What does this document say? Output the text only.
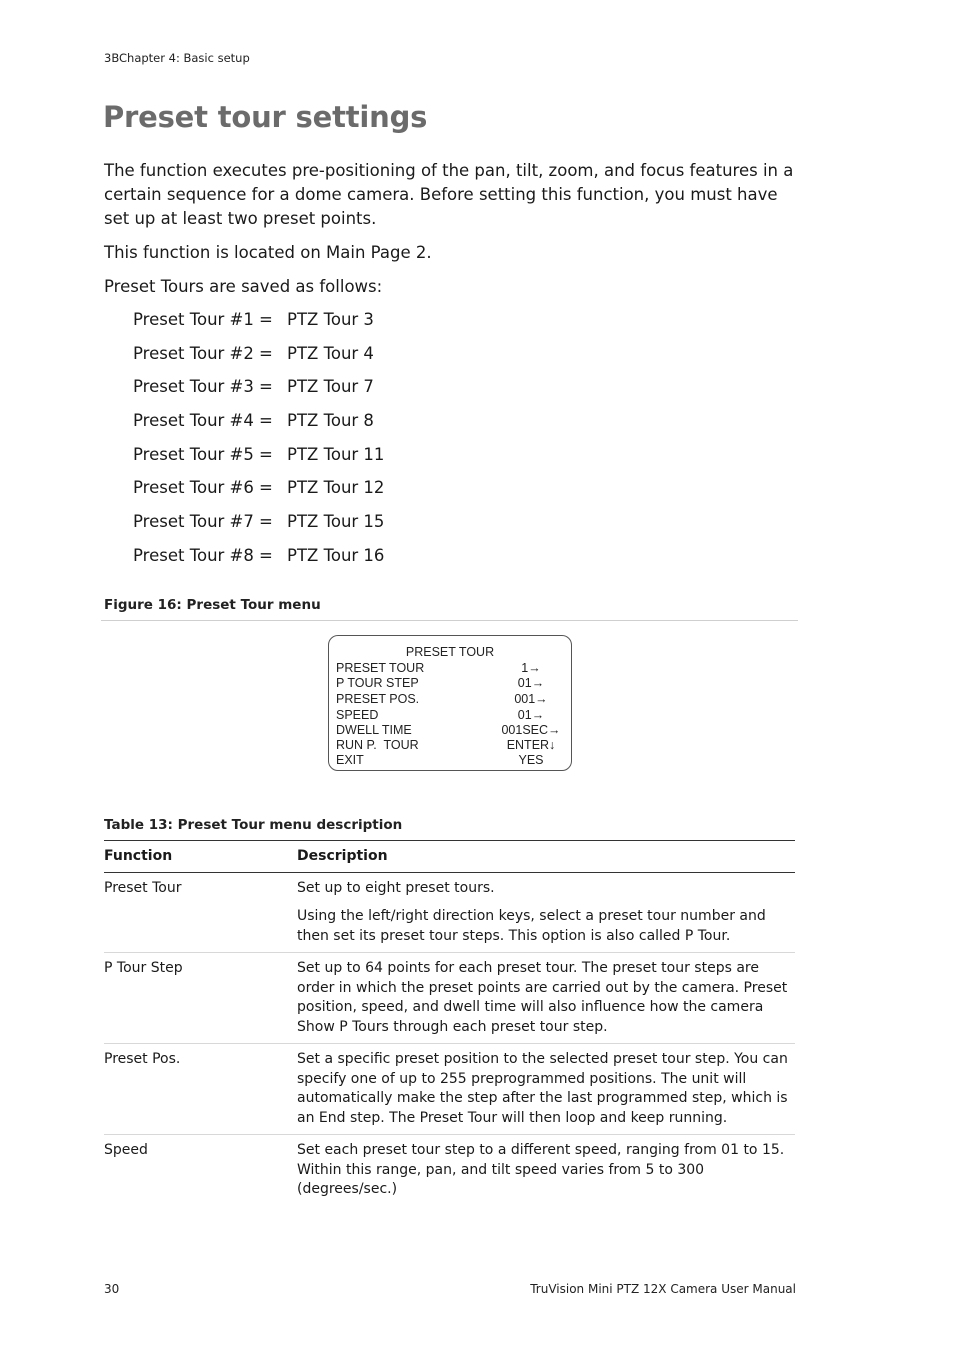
3BChapter 4: Basic setup
Preset tour settings
The function executes pre-positioning of the pan, tilt, zoom, and focus features in a certain sequence for a dome camera. Before setting this function, you must have set up at least two preset points.
This function is located on Main Page 2.
Preset Tours are saved as follows:
Preset Tour #1 = PTZ Tour 3
Preset Tour #2 = PTZ Tour 4
Preset Tour #3 = PTZ Tour 7
Preset Tour #4 = PTZ Tour 8
Preset Tour #5 = PTZ Tour 11
Preset Tour #6 = PTZ Tour 12
Preset Tour #7 = PTZ Tour 15
Preset Tour #8 = PTZ Tour 16
Figure 16: Preset Tour menu
PRESET TOUR
PRESET TOUR	1→
P TOUR STEP	01→
PRESET POS.	001→
SPEED	01→
DWELL TIME	001SEC→
RUN P.  TOUR	ENTER↓
EXIT	YES
Table 13: Preset Tour menu description
Function	Description
Preset Tour	Set up to eight preset tours.

Using the left/right direction keys, select a preset tour number and then set its preset tour steps. This option is also called P Tour.

P Tour Step	Set up to 64 points for each preset tour. The preset tour steps are order in which the preset points are carried out by the camera. Preset position, speed, and dwell time will also influence how the camera Show P Tours through each preset tour step.

Preset Pos.	Set a specific preset position to the selected preset tour step. You can specify one of up to 255 preprogrammed positions. The unit will automatically make the step after the last programmed step, which is an End step. The Preset Tour will then loop and keep running.

Speed	Set each preset tour step to a different speed, ranging from 01 to 15. Within this range, pan, and tilt speed varies from 5 to 300 (degrees/sec.)

30	TruVision Mini PTZ 12X Camera User Manual
